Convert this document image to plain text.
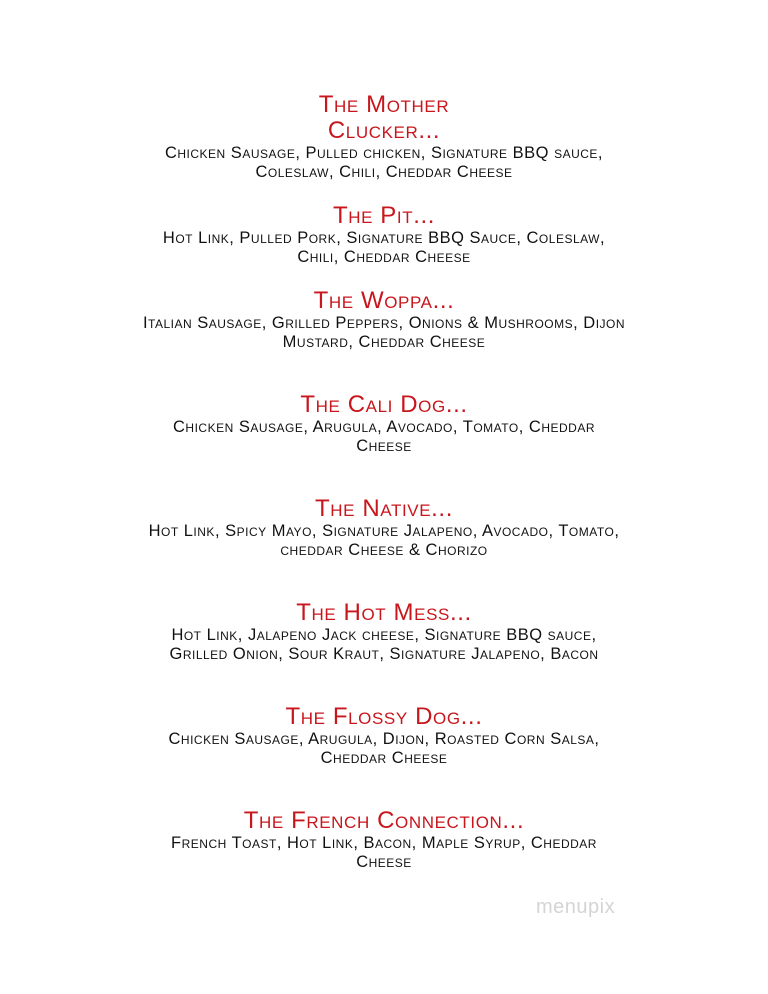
The Mother
Clucker...
Chicken Sausage, Pulled chicken, Signature BBQ sauce,
Coleslaw, Chili, Cheddar Cheese
The Pit...
Hot Link, Pulled Pork, Signature BBQ Sauce, Coleslaw,
Chili, Cheddar Cheese
The Woppa...
Italian Sausage, Grilled Peppers, Onions & Mushrooms, Dijon
Mustard, Cheddar Cheese
The Cali Dog...
Chicken Sausage, Arugula, Avocado, Tomato, Cheddar
Cheese
The Native...
Hot Link, Spicy Mayo, Signature Jalapeno, Avocado, Tomato,
cheddar Cheese & Chorizo
The Hot Mess...
Hot Link, Jalapeno Jack cheese, Signature BBQ sauce,
Grilled Onion, Sour Kraut, Signature Jalapeno, Bacon
The Flossy Dog...
Chicken Sausage, Arugula, Dijon, Roasted Corn Salsa,
Cheddar Cheese
The French Connection...
French Toast, Hot Link, Bacon, Maple Syrup, Cheddar
Cheese
menupix
